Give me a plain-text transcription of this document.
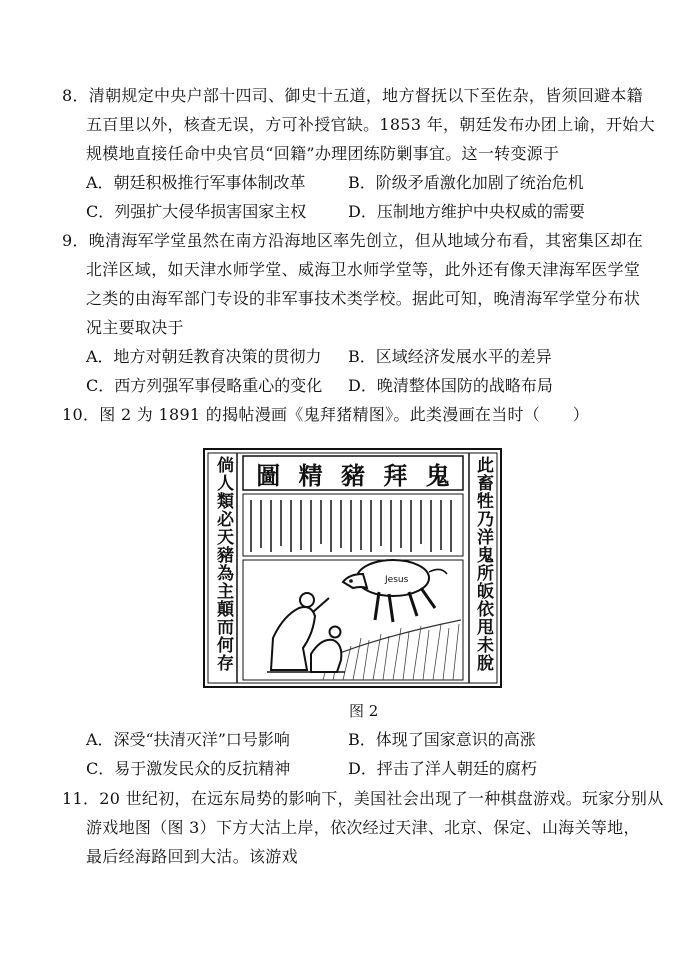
8．清朝规定中央户部十四司、御史十五道，地方督抚以下至佐杂，皆须回避本籍
五百里以外，核查无误，方可补授官缺。1853 年，朝廷发布办团上谕，开始大
规模地直接任命中央官员“回籍”办理团练防剿事宜。这一转变源于
A．朝廷积极推行军事体制改革	B．阶级矛盾激化加剧了统治危机
C．列强扩大侵华损害国家主权	D．压制地方维护中央权威的需要
9．晚清海军学堂虽然在南方沿海地区率先创立，但从地域分布看，其密集区却在
北洋区域，如天津水师学堂、威海卫水师学堂等，此外还有像天津海军医学堂
之类的由海军部门专设的非军事技术类学校。据此可知，晚清海军学堂分布状
况主要取决于
A．地方对朝廷教育决策的贯彻力 B．区域经济发展水平的差异
C．西方列强军事侵略重心的变化 D．晚清整体国防的战略布局
10．图 2 为 1891 的揭帖漫画《鬼拜猪精图》。此类漫画在当时（　　）
Jesus
圖 精 豬 拜 鬼
倘人類必天豬為主顛而何存	此畜牲乃洋鬼所皈依甩未脫
图 2
A．深受“扶清灭洋”口号影响	B．体现了国家意识的高涨
C．易于激发民众的反抗精神	D．抨击了洋人朝廷的腐朽
11．20 世纪初，在远东局势的影响下，美国社会出现了一种棋盘游戏。玩家分别从
游戏地图（图 3）下方大沽上岸，依次经过天津、北京、保定、山海关等地，
最后经海路回到大沽。该游戏
